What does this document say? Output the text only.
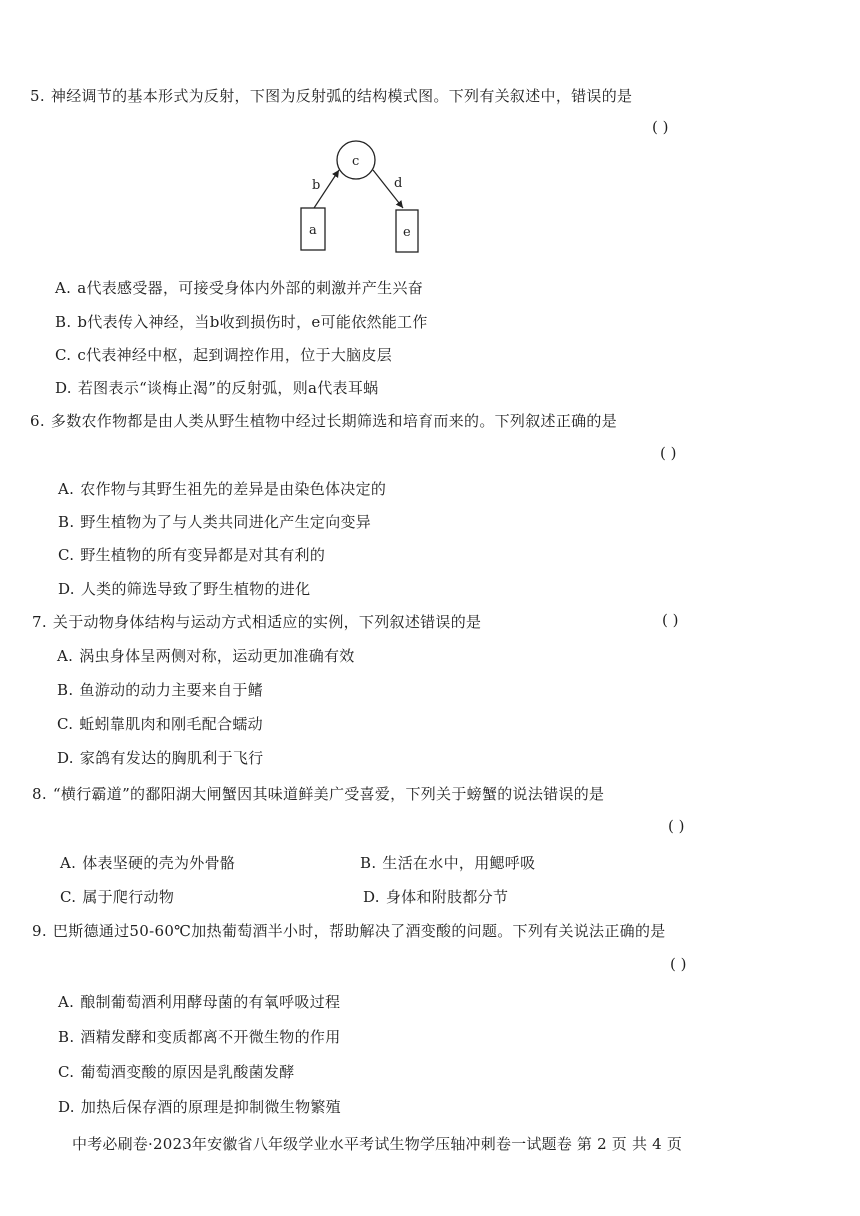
5. 神经调节的基本形式为反射，下图为反射弧的结构模式图。下列有关叙述中，错误的是
( )
c
a	e
b	d
A. a代表感受器，可接受身体内外部的刺激并产生兴奋
B. b代表传入神经，当b收到损伤时，e可能依然能工作
C. c代表神经中枢，起到调控作用，位于大脑皮层
D. 若图表示“谈梅止渴”的反射弧，则a代表耳蜗
6. 多数农作物都是由人类从野生植物中经过长期筛选和培育而来的。下列叙述正确的是
( )
A. 农作物与其野生祖先的差异是由染色体决定的
B. 野生植物为了与人类共同进化产生定向变异
C. 野生植物的所有变异都是对其有利的
D. 人类的筛选导致了野生植物的进化
7. 关于动物身体结构与运动方式相适应的实例，下列叙述错误的是	( )
A. 涡虫身体呈两侧对称，运动更加准确有效
B. 鱼游动的动力主要来自于鳍
C. 蚯蚓靠肌肉和刚毛配合蠕动
D. 家鸽有发达的胸肌利于飞行
8. “横行霸道”的鄱阳湖大闸蟹因其味道鲜美广受喜爱，下列关于螃蟹的说法错误的是
( )
A. 体表坚硬的壳为外骨骼	B. 生活在水中，用鳃呼吸
C. 属于爬行动物	D. 身体和附肢都分节
9. 巴斯德通过50-60℃加热葡萄酒半小时，帮助解决了酒变酸的问题。下列有关说法正确的是
( )
A. 酿制葡萄酒利用酵母菌的有氧呼吸过程
B. 酒精发酵和变质都离不开微生物的作用
C. 葡萄酒变酸的原因是乳酸菌发酵
D. 加热后保存酒的原理是抑制微生物繁殖
中考必刷卷·2023年安徽省八年级学业水平考试生物学压轴冲刺卷一试题卷 第 2 页 共 4 页
